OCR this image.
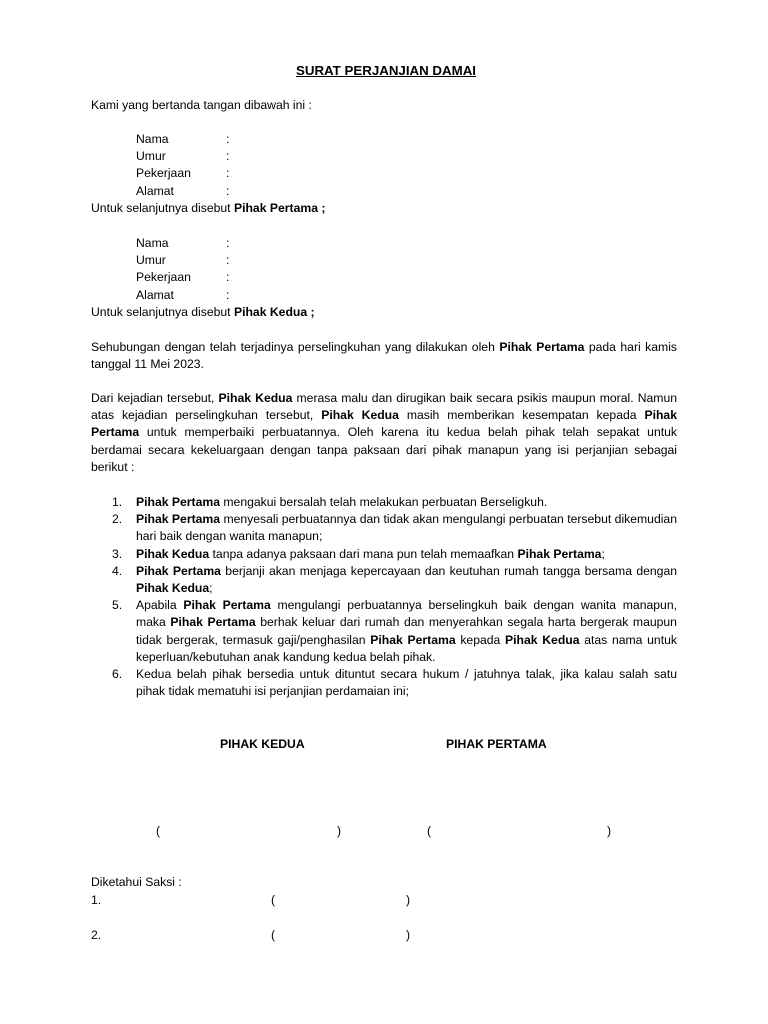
SURAT PERJANJIAN DAMAI
Kami yang bertanda tangan dibawah ini :
Nama	:
Umur	:
Pekerjaan	:
Alamat	:
Untuk selanjutnya disebut Pihak Pertama ;
Nama	:
Umur	:
Pekerjaan	:
Alamat	:
Untuk selanjutnya disebut Pihak Kedua ;
Sehubungan dengan telah terjadinya perselingkuhan yang dilakukan oleh Pihak Pertama pada hari kamis tanggal 11 Mei 2023.
Dari kejadian tersebut, Pihak Kedua merasa malu dan dirugikan baik secara psikis maupun moral. Namun atas kejadian perselingkuhan tersebut, Pihak Kedua masih memberikan kesempatan kepada Pihak Pertama untuk memperbaiki perbuatannya. Oleh karena itu kedua belah pihak telah sepakat untuk berdamai secara kekeluargaan dengan tanpa paksaan dari pihak manapun yang isi perjanjian sebagai berikut :
1. Pihak Pertama mengakui bersalah telah melakukan perbuatan Berseligkuh.
2. Pihak Pertama menyesali perbuatannya dan tidak akan mengulangi perbuatan tersebut dikemudian hari baik dengan wanita manapun;
3. Pihak Kedua tanpa adanya paksaan dari mana pun telah memaafkan Pihak Pertama;
4. Pihak Pertama berjanji akan menjaga kepercayaan dan keutuhan rumah tangga bersama dengan Pihak Kedua;
5. Apabila Pihak Pertama mengulangi perbuatannya berselingkuh baik dengan wanita manapun, maka Pihak Pertama berhak keluar dari rumah dan menyerahkan segala harta bergerak maupun tidak bergerak, termasuk gaji/penghasilan Pihak Pertama kepada Pihak Kedua atas nama untuk keperluan/kebutuhan anak kandung kedua belah pihak.
6. Kedua belah pihak bersedia untuk dituntut secara hukum / jatuhnya talak, jika kalau salah satu pihak tidak mematuhi isi perjanjian perdamaian ini;
PIHAK KEDUA	PIHAK PERTAMA
(	)	(	)
Diketahui Saksi :
1.	(	)
2.	(	)
